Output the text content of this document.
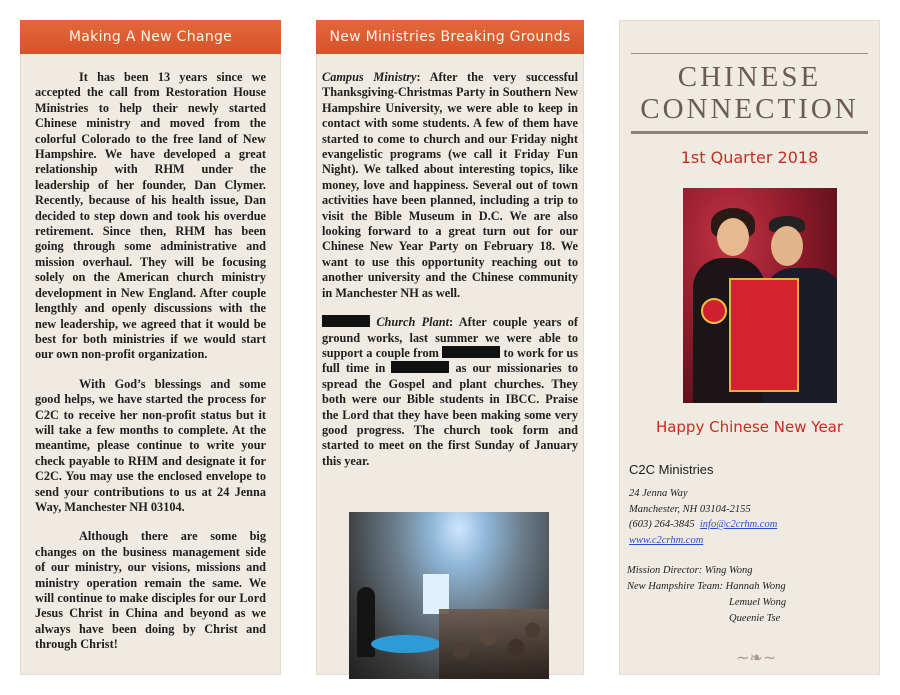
Making A New Change

It has been 13 years since we accepted the call from Restoration House Ministries to help their newly started Chinese ministry and moved from the colorful Colorado to the free land of New Hampshire. We have developed a great relationship with RHM under the leadership of her founder, Dan Clymer. Recently, because of his health issue, Dan decided to step down and took his overdue retirement. Since then, RHM has been going through some administrative and mission overhaul. They will be focusing solely on the American church ministry development in New England. After couple lengthly and openly discussions with the new leadership, we agreed that it would be best for both ministries if we would start our own non-profit organization.

With God’s blessings and some good helps, we have started the process for C2C to receive her non-profit status but it will take a few months to complete. At the meantime, please continue to write your check payable to RHM and designate it for C2C. You may use the enclosed envelope to send your contributions to us at 24 Jenna Way, Manchester NH 03104.

Although there are some big changes on the business management side of our ministry, our visions, missions and ministry operation remain the same. We will continue to make disciples for our Lord Jesus Christ in China and beyond as we always have been doing by Christ and through Christ!

New Ministries Breaking Grounds

Campus Ministry: After the very successful Thanksgiving-Christmas Party in Southern New Hampshire University, we were able to keep in contact with some students. A few of them have started to come to church and our Friday night evangelistic programs (we call it Friday Fun Night). We talked about interesting topics, like money, love and happiness. Several out of town activities have been planned, including a trip to visit the Bible Museum in D.C. We are also looking forward to a great turn out for our Chinese New Year Party on February 18. We want to use this opportunity reaching out to another university and the Chinese community in Manchester NH as well.

Church Plant: After couple years of ground works, last summer we were able to support a couple from	to work for us full time in	as our missionaries to spread the Gospel and plant churches. They both were our Bible students in IBCC. Praise the Lord that they have been making some very good progress. The church took form and started to meet on the first Sunday of January this year.

CHINESE
CONNECTION
1st Quarter 2018
Happy Chinese New Year
C2C Ministries
24 Jenna Way
Manchester, NH 03104-2155
(603) 264-3845 info@c2crhm.com
www.c2crhm.com
Mission Director: Wing Wong
New Hampshire Team: Hannah Wong
Lemuel Wong
Queenie Tse
~❧~
